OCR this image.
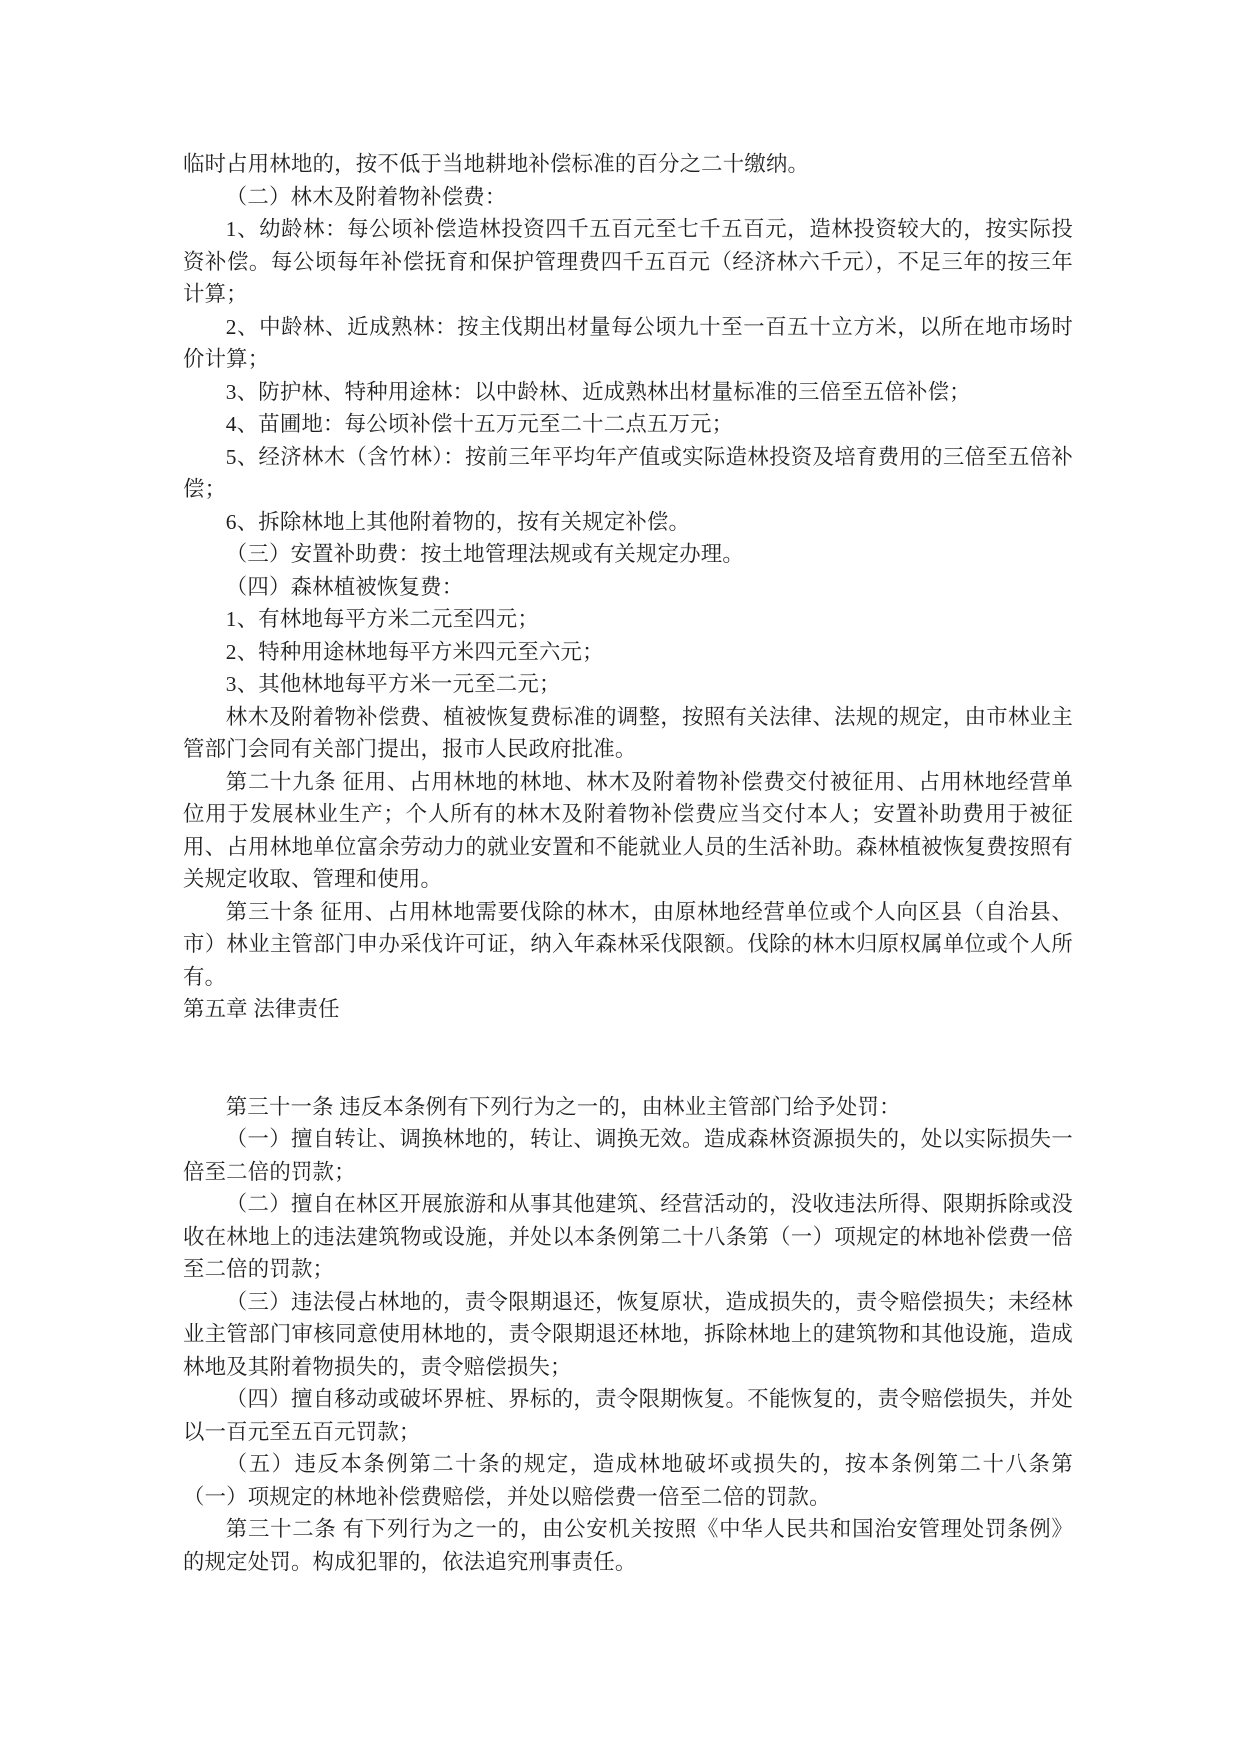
临时占用林地的，按不低于当地耕地补偿标准的百分之二十缴纳。

（二）林木及附着物补偿费：

1、幼龄林：每公顷补偿造林投资四千五百元至七千五百元，造林投资较大的，按实际投资补偿。每公顷每年补偿抚育和保护管理费四千五百元（经济林六千元），不足三年的按三年计算；

2、中龄林、近成熟林：按主伐期出材量每公顷九十至一百五十立方米，以所在地市场时价计算；

3、防护林、特种用途林：以中龄林、近成熟林出材量标准的三倍至五倍补偿；

4、苗圃地：每公顷补偿十五万元至二十二点五万元；

5、经济林木（含竹林）：按前三年平均年产值或实际造林投资及培育费用的三倍至五倍补偿；

6、拆除林地上其他附着物的，按有关规定补偿。

（三）安置补助费：按土地管理法规或有关规定办理。

（四）森林植被恢复费：

1、有林地每平方米二元至四元；

2、特种用途林地每平方米四元至六元；

3、其他林地每平方米一元至二元；

林木及附着物补偿费、植被恢复费标准的调整，按照有关法律、法规的规定，由市林业主管部门会同有关部门提出，报市人民政府批准。

第二十九条 征用、占用林地的林地、林木及附着物补偿费交付被征用、占用林地经营单位用于发展林业生产；个人所有的林木及附着物补偿费应当交付本人；安置补助费用于被征用、占用林地单位富余劳动力的就业安置和不能就业人员的生活补助。森林植被恢复费按照有关规定收取、管理和使用。

第三十条 征用、占用林地需要伐除的林木，由原林地经营单位或个人向区县（自治县、市）林业主管部门申办采伐许可证，纳入年森林采伐限额。伐除的林木归原权属单位或个人所有。

第五章 法律责任

第三十一条 违反本条例有下列行为之一的，由林业主管部门给予处罚：

（一）擅自转让、调换林地的，转让、调换无效。造成森林资源损失的，处以实际损失一倍至二倍的罚款；

（二）擅自在林区开展旅游和从事其他建筑、经营活动的，没收违法所得、限期拆除或没收在林地上的违法建筑物或设施，并处以本条例第二十八条第（一）项规定的林地补偿费一倍至二倍的罚款；

（三）违法侵占林地的，责令限期退还，恢复原状，造成损失的，责令赔偿损失；未经林业主管部门审核同意使用林地的，责令限期退还林地，拆除林地上的建筑物和其他设施，造成林地及其附着物损失的，责令赔偿损失；

（四）擅自移动或破坏界桩、界标的，责令限期恢复。不能恢复的，责令赔偿损失，并处以一百元至五百元罚款；

（五）违反本条例第二十条的规定，造成林地破坏或损失的，按本条例第二十八条第（一）项规定的林地补偿费赔偿，并处以赔偿费一倍至二倍的罚款。

第三十二条 有下列行为之一的，由公安机关按照《中华人民共和国治安管理处罚条例》的规定处罚。构成犯罪的，依法追究刑事责任。
